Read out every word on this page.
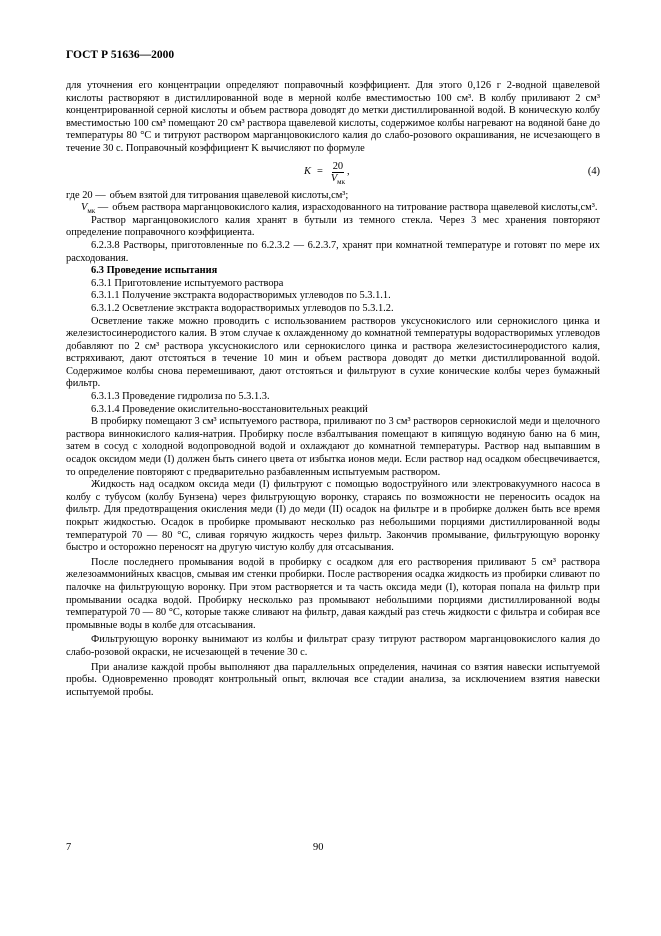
ГОСТ Р 51636—2000

для уточнения его концентрации определяют поправочный коэффициент. Для этого 0,126 г 2-водной щавелевой кислоты растворяют в дистиллированной воде в мерной колбе вместимостью 100 см³. В колбу приливают 2 см³ концентрированной серной кислоты и объем раствора доводят до метки дистиллированной водой. В коническую колбу вместимостью 100 см³ помещают 20 см³ раствора щавелевой кислоты, содержимое колбы нагревают на водяной бане до температуры 80 °С и титруют раствором марганцовокислого калия до слабо-розового окрашивания, не исчезающего в течение 30 с. Поправочный коэффициент K вычисляют по формуле

$K = \frac{20}{V_{мк}}$ ,	(4)
где 20 — объем взятой для титрования щавелевой кислоты,см³;
$V_{мк}$ — объем раствора марганцовокислого калия, израсходованного на титрование раствора щавелевой кислоты,см³.

Раствор марганцовокислого калия хранят в бутыли из темного стекла. Через 3 мес хранения повторяют определение поправочного коэффициента.

6.2.3.8 Растворы, приготовленные по 6.2.3.2 — 6.2.3.7, хранят при комнатной температуре и готовят по мере их расходования.

6.3 Проведение испытания

6.3.1 Приготовление испытуемого раствора

6.3.1.1 Получение экстракта водорастворимых углеводов по 5.3.1.1.

6.3.1.2 Осветление экстракта водорастворимых углеводов по 5.3.1.2.

Осветление также можно проводить с использованием растворов уксуснокислого или сернокислого цинка и железистосинеродистого калия. В этом случае к охлажденному до комнатной температуры водорастворимых углеводов добавляют по 2 см³ раствора уксуснокислого или сернокислого цинка и раствора железистосинеродистого калия, встряхивают, дают отстояться в течение 10 мин и объем раствора доводят до метки дистиллированной водой. Содержимое колбы снова перемешивают, дают отстояться и фильтруют в сухие конические колбы через бумажный фильтр.

6.3.1.3 Проведение гидролиза по 5.3.1.3.

6.3.1.4 Проведение окислительно-восстановительных реакций

В пробирку помещают 3 см³ испытуемого раствора, приливают по 3 см³ растворов сернокислой меди и щелочного раствора виннокислого калия-натрия. Пробирку после взбалтывания помещают в кипящую водяную баню на 6 мин, затем в сосуд с холодной водопроводной водой и охлаждают до комнатной температуры. Раствор над выпавшим в осадок оксидом меди (I) должен быть синего цвета от избытка ионов меди. Если раствор над осадком обесцвечивается, то определение повторяют с предварительно разбавленным испытуемым раствором.

Жидкость над осадком оксида меди (I) фильтруют с помощью водоструйного или электровакуумного насоса в колбу с тубусом (колбу Бунзена) через фильтрующую воронку, стараясь по возможности не переносить осадок на фильтр. Для предотвращения окисления меди (I) до меди (II) осадок на фильтре и в пробирке должен быть все время покрыт жидкостью. Осадок в пробирке промывают несколько раз небольшими порциями дистиллированной воды температурой 70 — 80 °С, сливая горячую жидкость через фильтр. Закончив промывание, фильтрующую воронку быстро и осторожно переносят на другую чистую колбу для отсасывания.

После последнего промывания водой в пробирку с осадком для его растворения приливают 5 см³ раствора железоаммонийных квасцов, смывая им стенки пробирки. После растворения осадка жидкость из пробирки сливают по палочке на фильтрующую воронку. При этом растворяется и та часть оксида меди (I), которая попала на фильтр при промывании осадка водой. Пробирку несколько раз промывают небольшими порциями дистиллированной воды температурой 70 — 80 °С, которые также сливают на фильтр, давая каждый раз стечь жидкости с фильтра и собирая все промывные воды в колбе для отсасывания.

Фильтрующую воронку вынимают из колбы и фильтрат сразу титруют раствором марганцовокислого калия до слабо-розовой окраски, не исчезающей в течение 30 с.

При анализе каждой пробы выполняют два параллельных определения, начиная со взятия навески испытуемой пробы. Одновременно проводят контрольный опыт, включая все стадии анализа, за исключением взятия навески испытуемой пробы.

7	90
